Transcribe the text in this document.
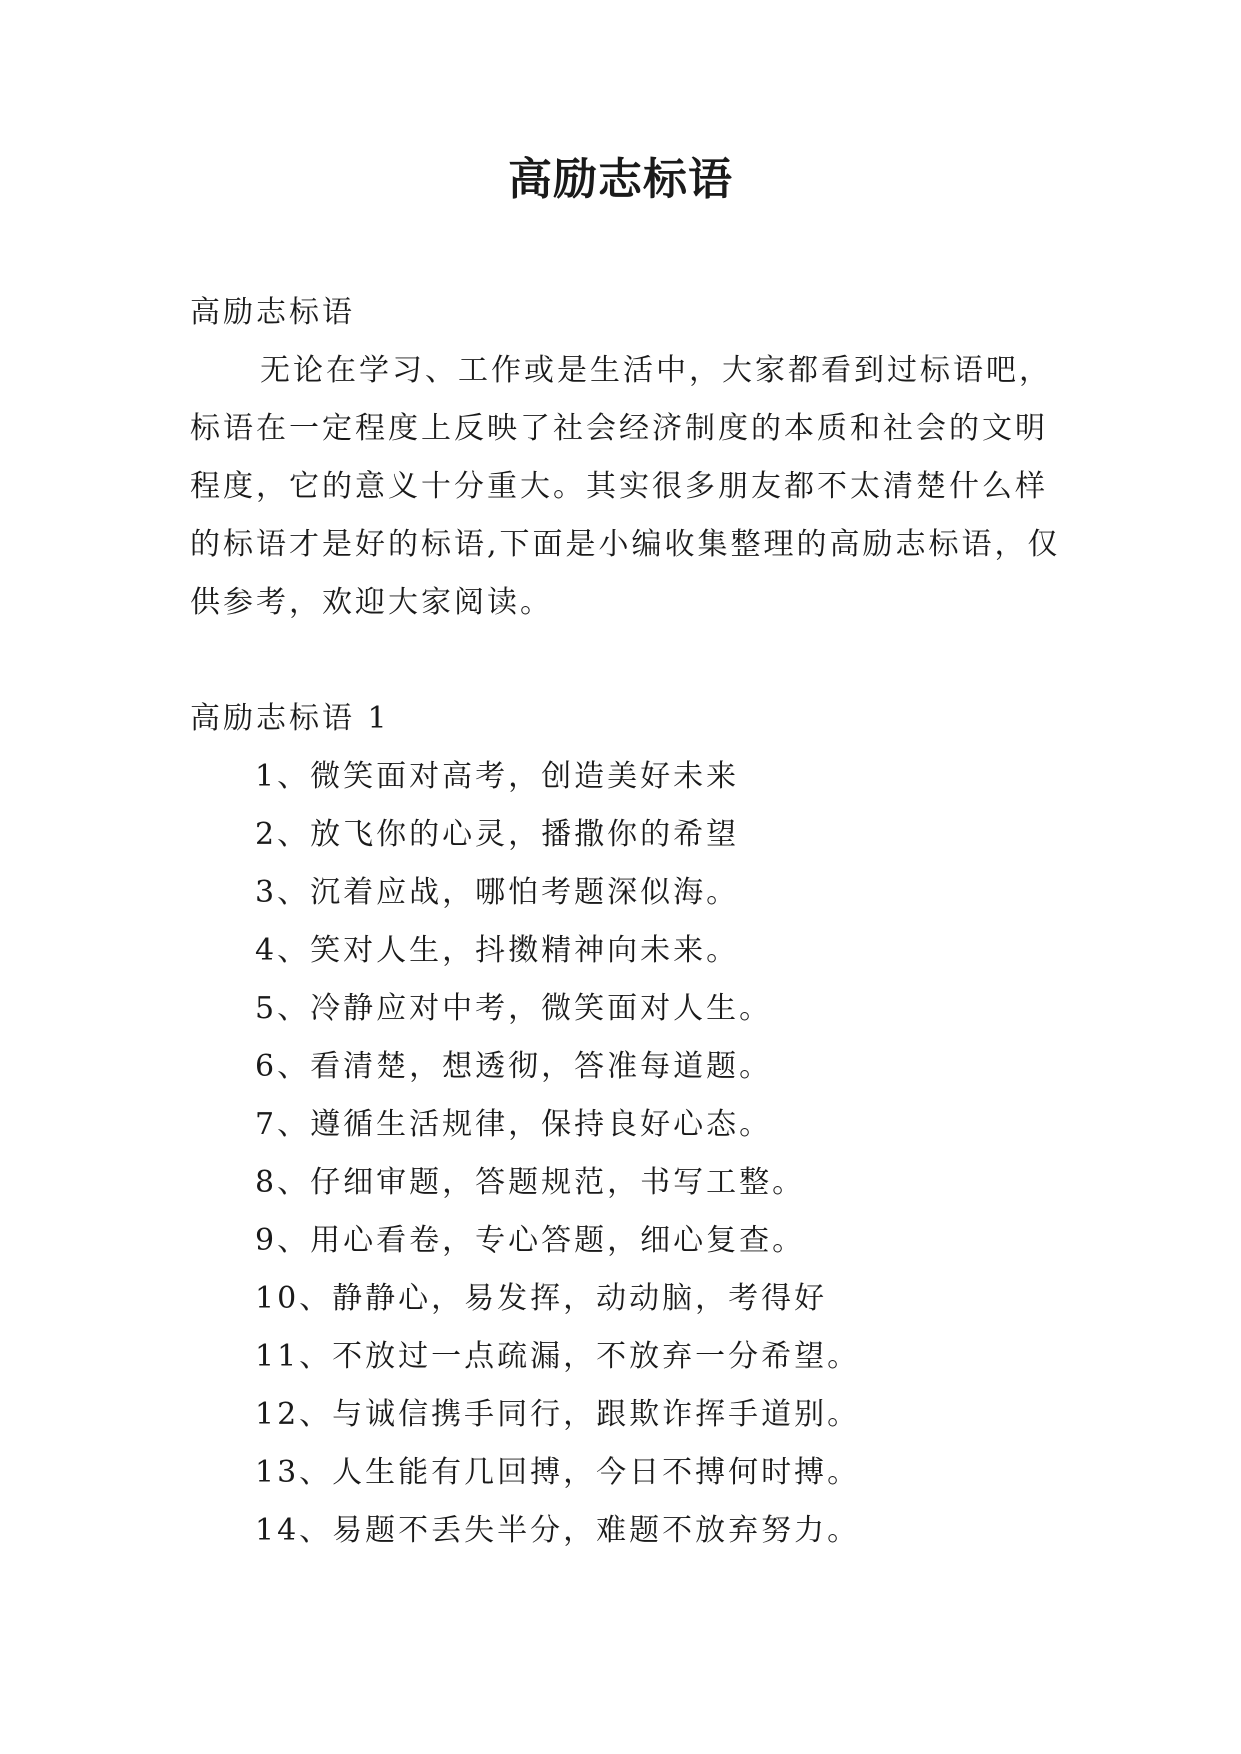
高励志标语

高励志标语

无论在学习、工作或是生活中，大家都看到过标语吧，标语在一定程度上反映了社会经济制度的本质和社会的文明程度，它的意义十分重大。其实很多朋友都不太清楚什么样的标语才是好的标语,下面是小编收集整理的高励志标语，仅供参考，欢迎大家阅读。

高励志标语 1

1、微笑面对高考，创造美好未来
2、放飞你的心灵，播撒你的希望
3、沉着应战，哪怕考题深似海。
4、笑对人生，抖擞精神向未来。
5、冷静应对中考，微笑面对人生。
6、看清楚，想透彻，答准每道题。
7、遵循生活规律，保持良好心态。
8、仔细审题，答题规范，书写工整。
9、用心看卷，专心答题，细心复查。
10、静静心，易发挥，动动脑，考得好
11、不放过一点疏漏，不放弃一分希望。
12、与诚信携手同行，跟欺诈挥手道别。
13、人生能有几回搏，今日不搏何时搏。
14、易题不丢失半分，难题不放弃努力。
